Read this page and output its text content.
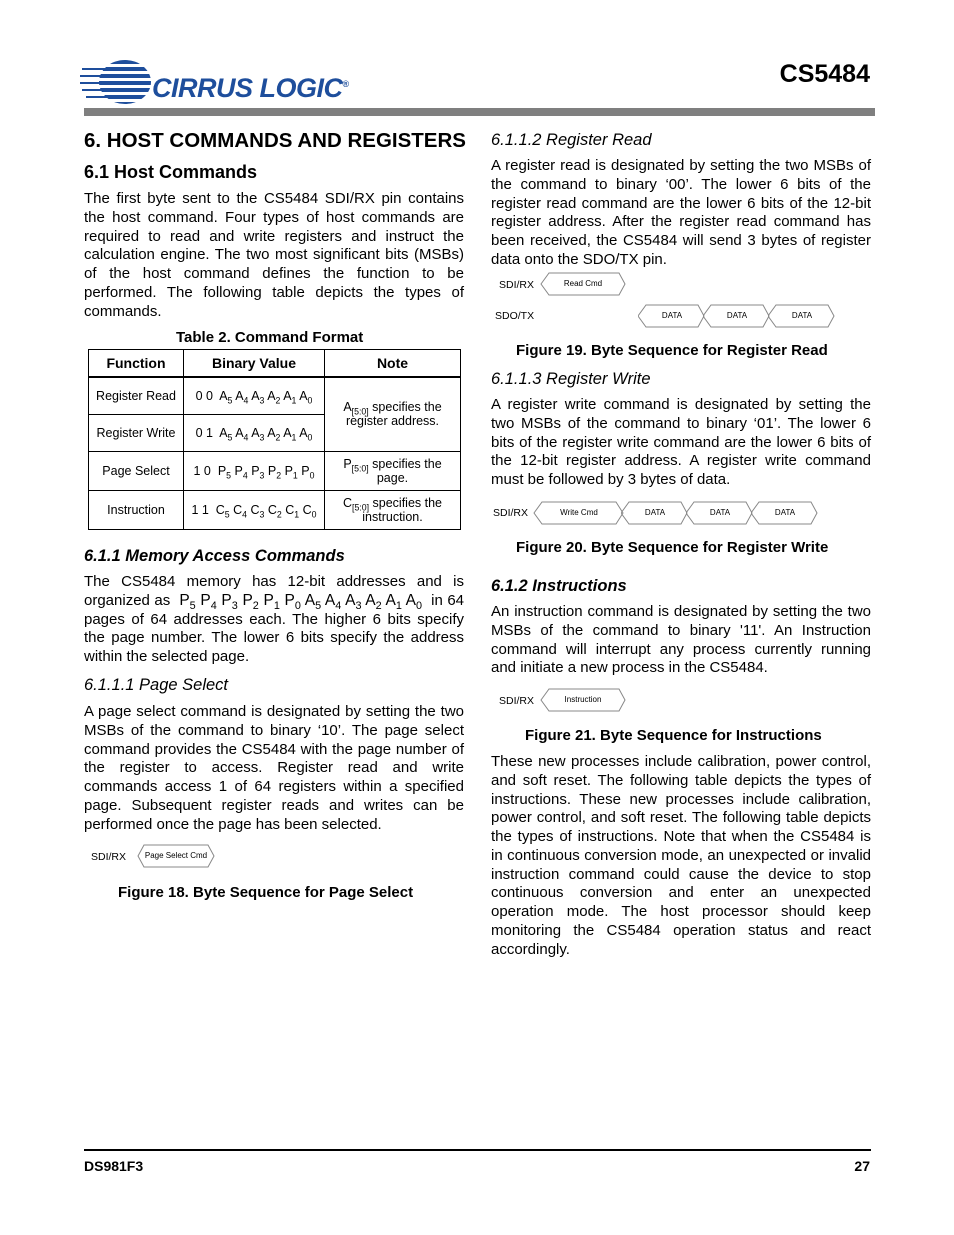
CIRRUS LOGIC®	CS5484
6. HOST COMMANDS AND REGISTERS
6.1 Host Commands
The first byte sent to the CS5484 SDI/RX pin contains the host command. Four types of host commands are required to read and write registers and instruct the calculation engine. The two most significant bits (MSBs) of the host command defines the function to be performed. The following table depicts the types of commands.
Table 2. Command Format
Function	Binary Value	Note
Register Read	0 0  $A_5$ $A_4$ $A_3$ $A_2$ $A_1$ $A_0$	$A_{[5:0]}$ specifies the register address.
Register Write	0 1  $A_5$ $A_4$ $A_3$ $A_2$ $A_1$ $A_0$
Page Select	1 0  $P_5$ $P_4$ $P_3$ $P_2$ $P_1$ $P_0$	$P_{[5:0]}$ specifies the page.
Instruction	1 1  $C_5$ $C_4$ $C_3$ $C_2$ $C_1$ $C_0$	$C_{[5:0]}$ specifies the instruction.
6.1.1 Memory Access Commands
The CS5484 memory has 12-bit addresses and is organized as $P_5$ $P_4$ $P_3$ $P_2$ $P_1$ $P_0$ $A_5$ $A_4$ $A_3$ $A_2$ $A_1$ $A_0$ in 64 pages of 64 addresses each. The higher 6 bits specify the page number. The lower 6 bits specify the address within the selected page.
6.1.1.1 Page Select
A page select command is designated by setting the two MSBs of the command to binary ‘10’. The page select command provides the CS5484 with the page number of the register to access. Register read and write commands access 1 of 64 registers within a specified page. Subsequent register reads and writes can be performed once the page has been selected.
SDI/RX	Page Select Cmd
Figure 18. Byte Sequence for Page Select
6.1.1.2 Register Read
A register read is designated by setting the two MSBs of the command to binary ‘00’. The lower 6 bits of the register read command are the lower 6 bits of the 12-bit register address. After the register read command has been received, the CS5484 will send 3 bytes of register data onto the SDO/TX pin.
SDI/RX	Read Cmd
SDO/TX	DATA	DATA	DATA
Figure 19. Byte Sequence for Register Read
6.1.1.3 Register Write
A register write command is designated by setting the two MSBs of the command to binary ‘01’. The lower 6 bits of the register write command are the lower 6 bits of the 12-bit register address. A register write command must be followed by 3 bytes of data.
SDI/RX	Write Cmd	DATA	DATA	DATA
Figure 20. Byte Sequence for Register Write
6.1.2 Instructions
An instruction command is designated by setting the two MSBs of the command to binary '11'. An Instruction command will interrupt any process currently running and initiate a new process in the CS5484.
SDI/RX	Instruction
Figure 21. Byte Sequence for Instructions
These new processes include calibration, power control, and soft reset. The following table depicts the types of instructions. These new processes include calibration, power control, and soft reset. The following table depicts the types of instructions. Note that when the CS5484 is in continuous conversion mode, an unexpected or invalid instruction command could cause the device to stop continuous conversion and enter an unexpected operation mode. The host processor should keep monitoring the CS5484 operation status and react accordingly.
DS981F3	27
